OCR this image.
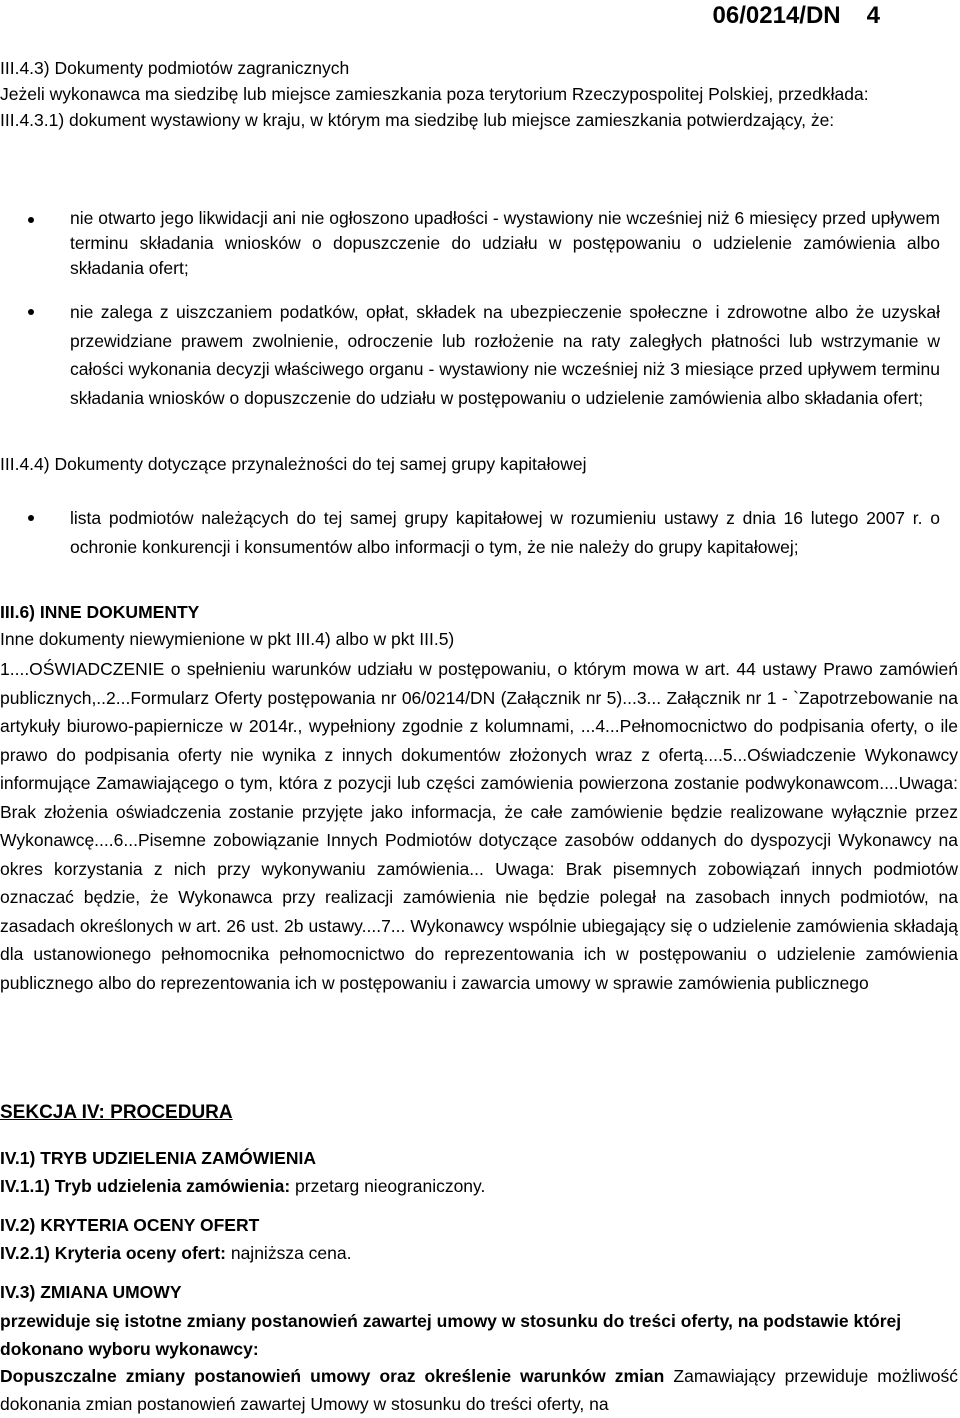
06/0214/DN 4
III.4.3) Dokumenty podmiotów zagranicznych
Jeżeli wykonawca ma siedzibę lub miejsce zamieszkania poza terytorium Rzeczypospolitej Polskiej, przedkłada:
III.4.3.1) dokument wystawiony w kraju, w którym ma siedzibę lub miejsce zamieszkania potwierdzający, że:
nie otwarto jego likwidacji ani nie ogłoszono upadłości - wystawiony nie wcześniej niż 6 miesięcy przed upływem terminu składania wniosków o dopuszczenie do udziału w postępowaniu o udzielenie zamówienia albo składania ofert;
nie zalega z uiszczaniem podatków, opłat, składek na ubezpieczenie społeczne i zdrowotne albo że uzyskał przewidziane prawem zwolnienie, odroczenie lub rozłożenie na raty zaległych płatności lub wstrzymanie w całości wykonania decyzji właściwego organu - wystawiony nie wcześniej niż 3 miesiące przed upływem terminu składania wniosków o dopuszczenie do udziału w postępowaniu o udzielenie zamówienia albo składania ofert;
III.4.4) Dokumenty dotyczące przynależności do tej samej grupy kapitałowej
lista podmiotów należących do tej samej grupy kapitałowej w rozumieniu ustawy z dnia 16 lutego 2007 r. o ochronie konkurencji i konsumentów albo informacji o tym, że nie należy do grupy kapitałowej;
III.6) INNE DOKUMENTY
Inne dokumenty niewymienione w pkt III.4) albo w pkt III.5)
1....OŚWIADCZENIE o spełnieniu warunków udziału w postępowaniu, o którym mowa w art. 44 ustawy Prawo zamówień publicznych,..2...Formularz Oferty postępowania nr 06/0214/DN (Załącznik nr 5)...3... Załącznik nr 1 - `Zapotrzebowanie na artykuły biurowo-papiernicze w 2014r., wypełniony zgodnie z kolumnami, ...4...Pełnomocnictwo do podpisania oferty, o ile prawo do podpisania oferty nie wynika z innych dokumentów złożonych wraz z ofertą....5...Oświadczenie Wykonawcy informujące Zamawiającego o tym, która z pozycji lub części zamówienia powierzona zostanie podwykonawcom....Uwaga: Brak złożenia oświadczenia zostanie przyjęte jako informacja, że całe zamówienie będzie realizowane wyłącznie przez Wykonawcę....6...Pisemne zobowiązanie Innych Podmiotów dotyczące zasobów oddanych do dyspozycji Wykonawcy na okres korzystania z nich przy wykonywaniu zamówienia... Uwaga: Brak pisemnych zobowiązań innych podmiotów oznaczać będzie, że Wykonawca przy realizacji zamówienia nie będzie polegał na zasobach innych podmiotów, na zasadach określonych w art. 26 ust. 2b ustawy....7... Wykonawcy wspólnie ubiegający się o udzielenie zamówienia składają dla ustanowionego pełnomocnika pełnomocnictwo do reprezentowania ich w postępowaniu o udzielenie zamówienia publicznego albo do reprezentowania ich w postępowaniu i zawarcia umowy w sprawie zamówienia publicznego
SEKCJA IV: PROCEDURA
IV.1) TRYB UDZIELENIA ZAMÓWIENIA
IV.1.1) Tryb udzielenia zamówienia: przetarg nieograniczony.
IV.2) KRYTERIA OCENY OFERT
IV.2.1) Kryteria oceny ofert: najniższa cena.
IV.3) ZMIANA UMOWY
przewiduje się istotne zmiany postanowień zawartej umowy w stosunku do treści oferty, na podstawie której dokonano wyboru wykonawcy:
Dopuszczalne zmiany postanowień umowy oraz określenie warunków zmian Zamawiający przewiduje możliwość dokonania zmian postanowień zawartej Umowy w stosunku do treści oferty, na
